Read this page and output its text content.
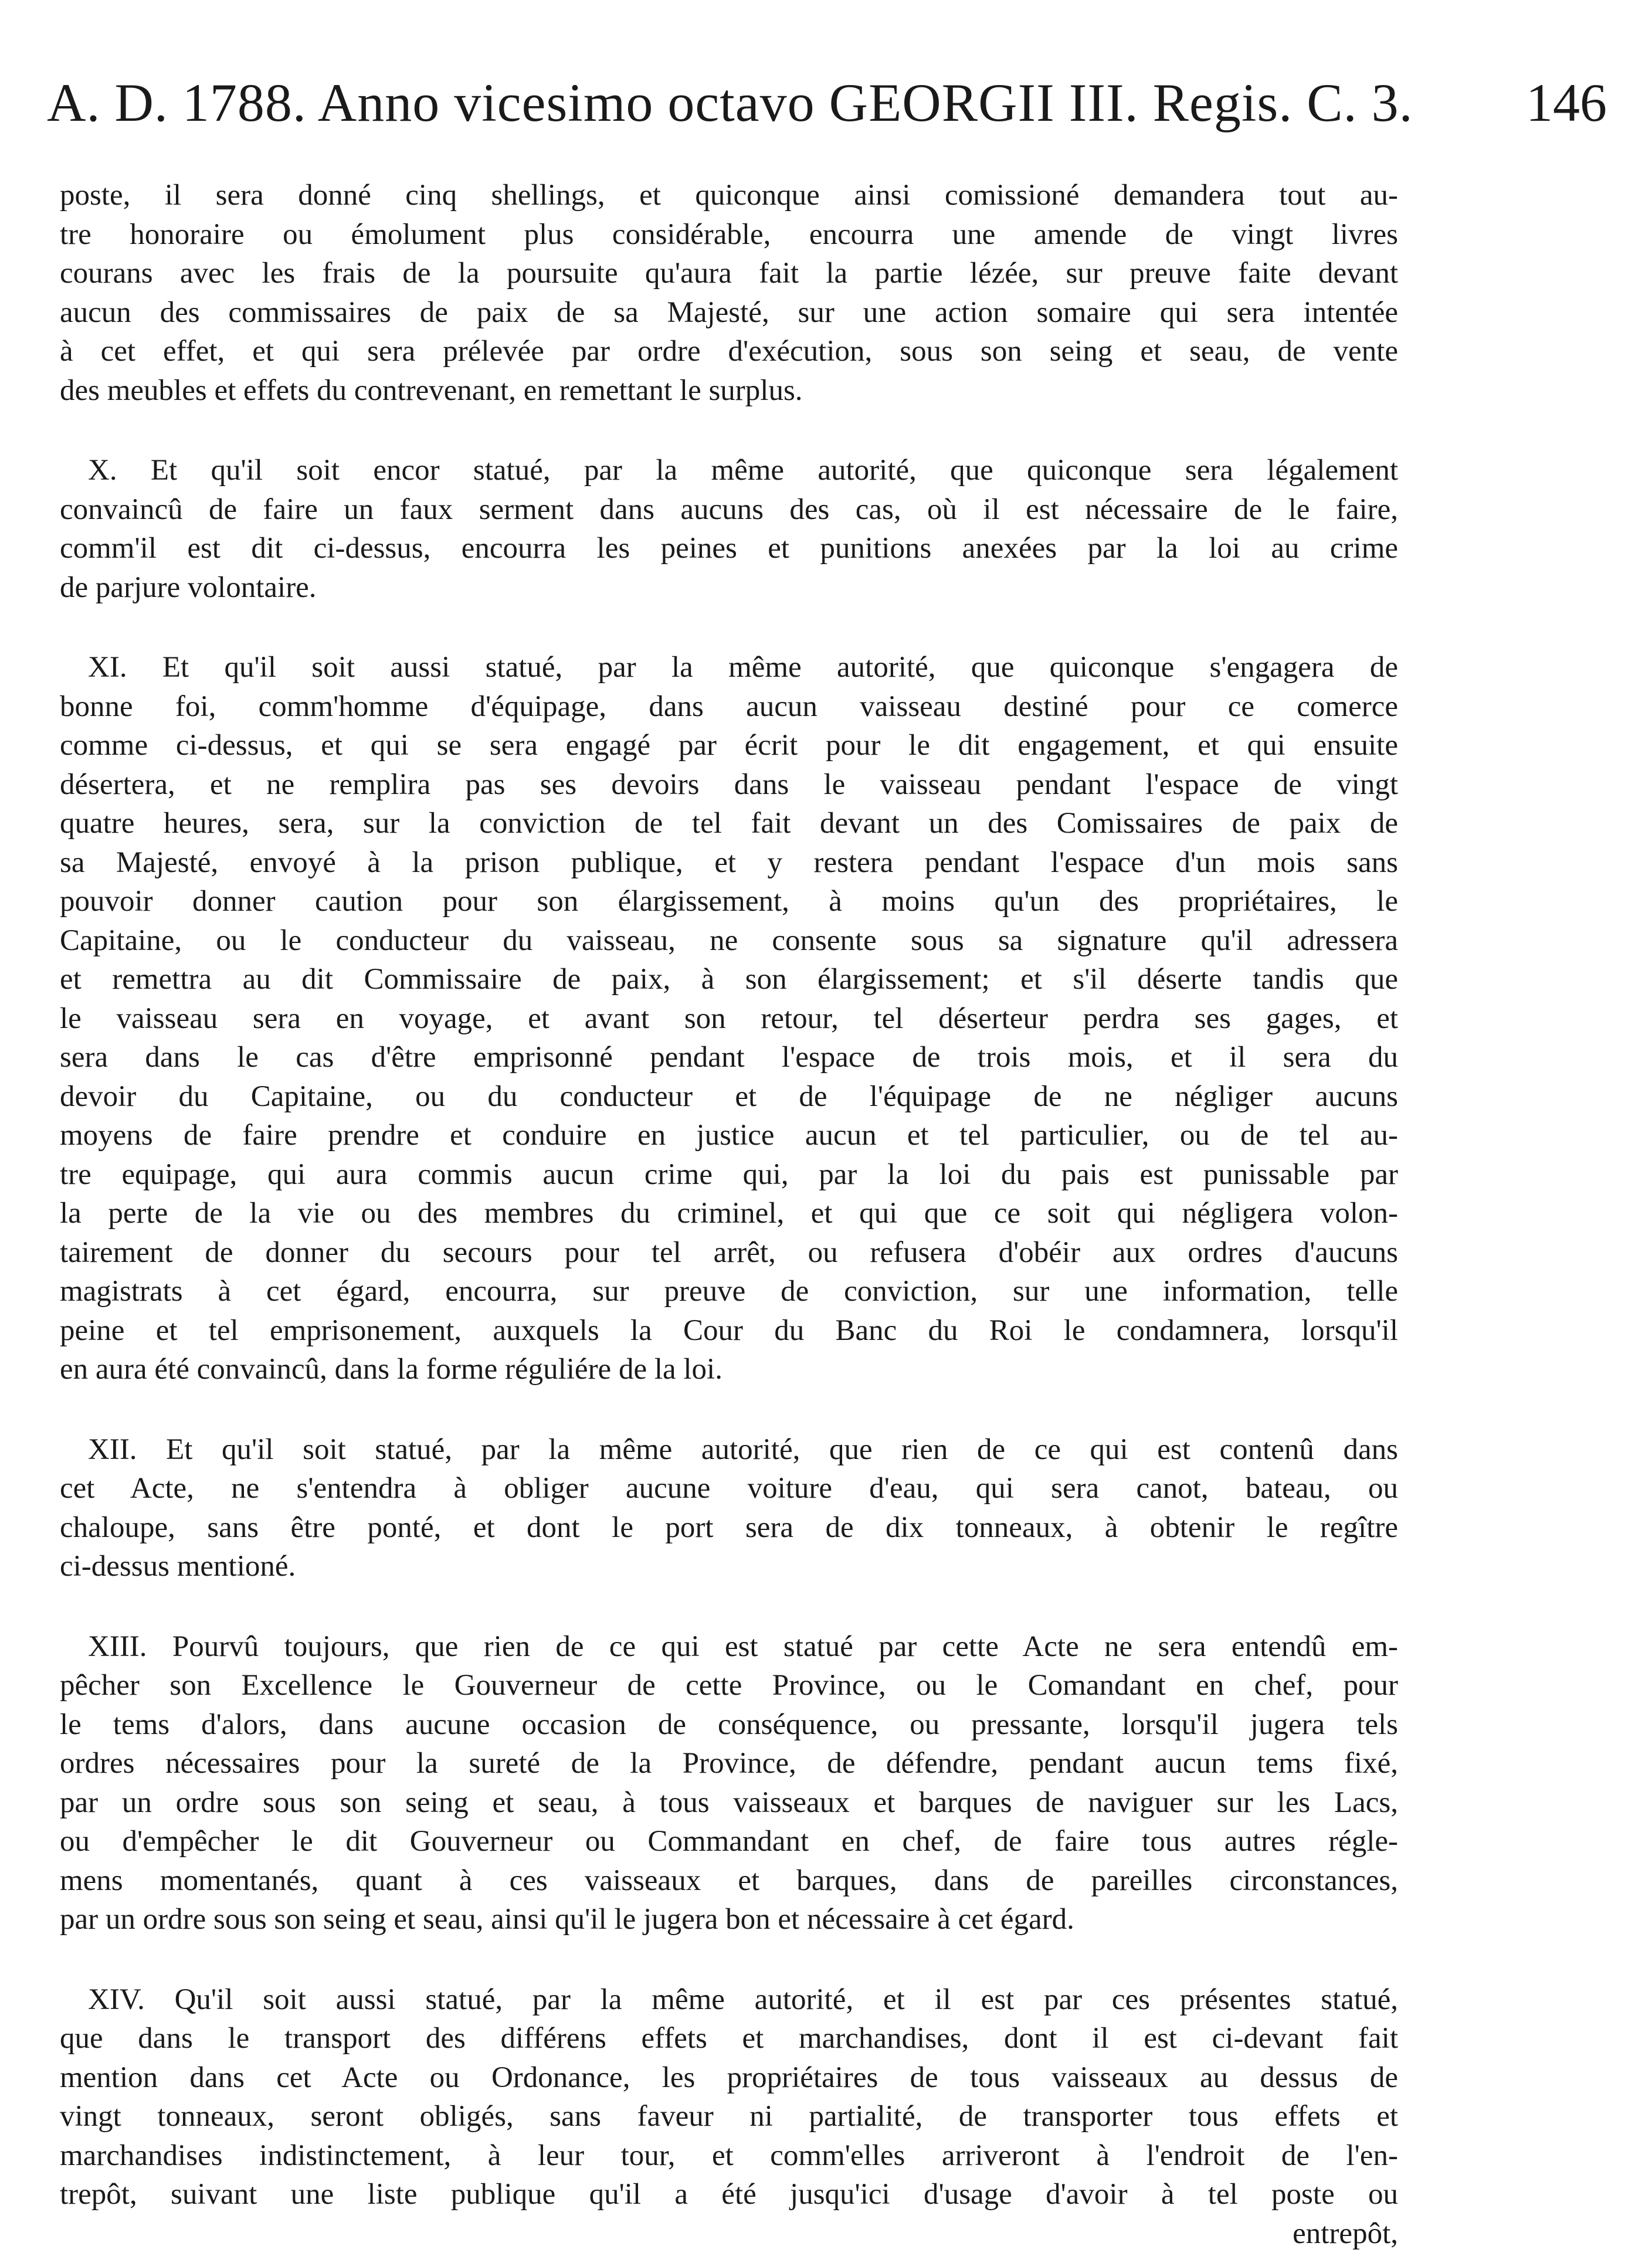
A. D. 1788. Anno vicesimo octavo GEORGII III. Regis. C. 3. 146
poste, il sera donné cinq shellings, et quiconque ainsi comissioné demandera tout au-
tre honoraire ou émolument plus considérable, encourra une amende de vingt livres
courans avec les frais de la poursuite qu'aura fait la partie lézée, sur preuve faite devant
aucun des commissaires de paix de sa Majesté, sur une action somaire qui sera intentée
à cet effet, et qui sera prélevée par ordre d'exécution, sous son seing et seau, de vente
des meubles et effets du contrevenant, en remettant le surplus.
X. Et qu'il soit encor statué, par la même autorité, que quiconque sera légalement
convaincû de faire un faux serment dans aucuns des cas, où il est nécessaire de le faire,
comm'il est dit ci-dessus, encourra les peines et punitions anexées par la loi au crime
de parjure volontaire.
XI. Et qu'il soit aussi statué, par la même autorité, que quiconque s'engagera de
bonne foi, comm'homme d'équipage, dans aucun vaisseau destiné pour ce comerce
comme ci-dessus, et qui se sera engagé par écrit pour le dit engagement, et qui ensuite
désertera, et ne remplira pas ses devoirs dans le vaisseau pendant l'espace de vingt
quatre heures, sera, sur la conviction de tel fait devant un des Comissaires de paix de
sa Majesté, envoyé à la prison publique, et y restera pendant l'espace d'un mois sans
pouvoir donner caution pour son élargissement, à moins qu'un des propriétaires, le
Capitaine, ou le conducteur du vaisseau, ne consente sous sa signature qu'il adressera
et remettra au dit Commissaire de paix, à son élargissement; et s'il déserte tandis que
le vaisseau sera en voyage, et avant son retour, tel déserteur perdra ses gages, et
sera dans le cas d'être emprisonné pendant l'espace de trois mois, et il sera du
devoir du Capitaine, ou du conducteur et de l'équipage de ne négliger aucuns
moyens de faire prendre et conduire en justice aucun et tel particulier, ou de tel au-
tre equipage, qui aura commis aucun crime qui, par la loi du pais est punissable par
la perte de la vie ou des membres du criminel, et qui que ce soit qui négligera volon-
tairement de donner du secours pour tel arrêt, ou refusera d'obéir aux ordres d'aucuns
magistrats à cet égard, encourra, sur preuve de conviction, sur une information, telle
peine et tel emprisonement, auxquels la Cour du Banc du Roi le condamnera, lorsqu'il
en aura été convaincû, dans la forme réguliére de la loi.
XII. Et qu'il soit statué, par la même autorité, que rien de ce qui est contenû dans
cet Acte, ne s'entendra à obliger aucune voiture d'eau, qui sera canot, bateau, ou
chaloupe, sans être ponté, et dont le port sera de dix tonneaux, à obtenir le regître
ci-dessus mentioné.
XIII. Pourvû toujours, que rien de ce qui est statué par cette Acte ne sera entendû em-
pêcher son Excellence le Gouverneur de cette Province, ou le Comandant en chef, pour
le tems d'alors, dans aucune occasion de conséquence, ou pressante, lorsqu'il jugera tels
ordres nécessaires pour la sureté de la Province, de défendre, pendant aucun tems fixé,
par un ordre sous son seing et seau, à tous vaisseaux et barques de naviguer sur les Lacs,
ou d'empêcher le dit Gouverneur ou Commandant en chef, de faire tous autres régle-
mens momentanés, quant à ces vaisseaux et barques, dans de pareilles circonstances,
par un ordre sous son seing et seau, ainsi qu'il le jugera bon et nécessaire à cet égard.
XIV. Qu'il soit aussi statué, par la même autorité, et il est par ces présentes statué,
que dans le transport des différens effets et marchandises, dont il est ci-devant fait
mention dans cet Acte ou Ordonance, les propriétaires de tous vaisseaux au dessus de
vingt tonneaux, seront obligés, sans faveur ni partialité, de transporter tous effets et
marchandises indistinctement, à leur tour, et comm'elles arriveront à l'endroit de l'en-
trepôt, suivant une liste publique qu'il a été jusqu'ici d'usage d'avoir à tel poste ou
entrepôt,
